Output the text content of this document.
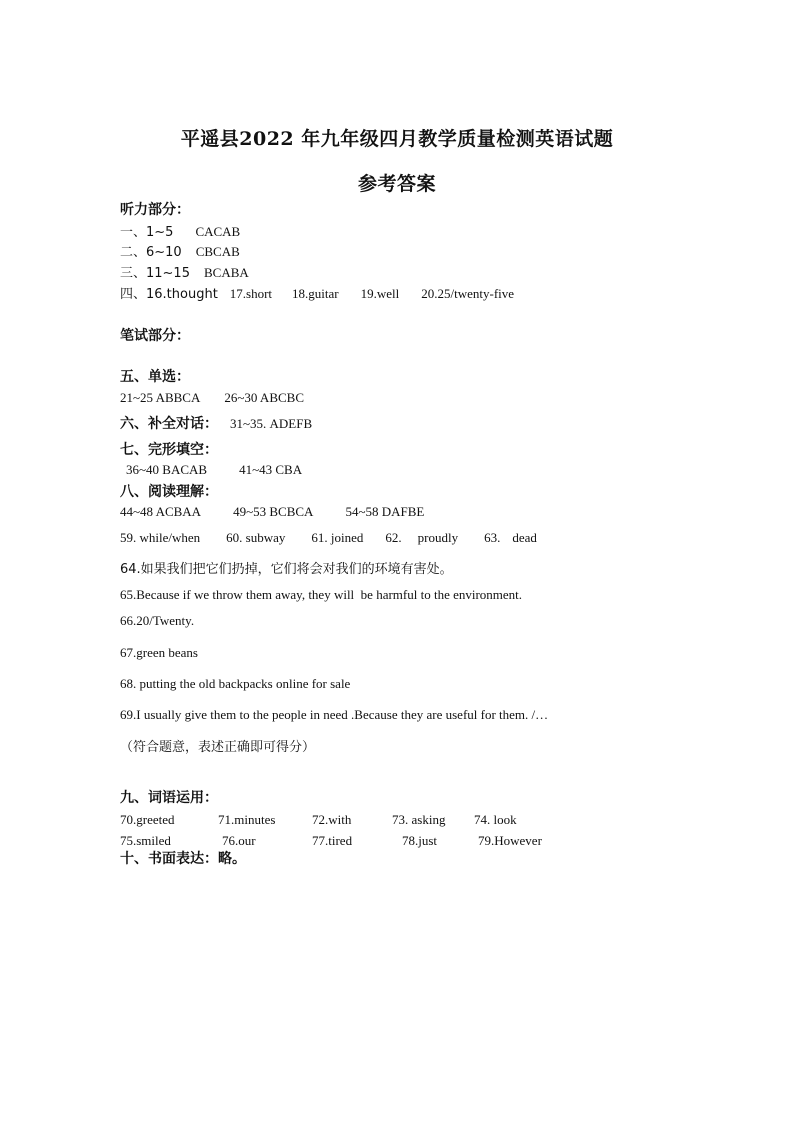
平遥县2022 年九年级四月教学质量检测英语试题
参考答案
听力部分：
一、1~5 CACAB
二、6~10 CBCAB
三、11~15 BCABA
四、16.thought 17.short 18.guitar 19.well 20.25/twenty-five
笔试部分：
五、单选：
21~25 ABBCA 26~30 ABCBC
六、补全对话： 31~35. ADEFB
七、完形填空：
36~40 BACAB 41~43 CBA
八、阅读理解：
44~48 ACBAA 49~53 BCBCA 54~58 DAFBE
59. while/when 60. subway 61. joined 62. proudly 63. dead
64.如果我们把它们扔掉，它们将会对我们的环境有害处。
65.Because if we throw them away, they will  be harmful to the environment.
66.20/Twenty.
67.green beans
68. putting the old backpacks online for sale
69.I usually give them to the people in need .Because they are useful for them. /…
（符合题意，表述正确即可得分）
九、词语运用：
70.greeted	71.minutes	72.with	73. asking 74. look
75.smiled	76.our	77.tired	78.just	79.However
十、书面表达：略。
